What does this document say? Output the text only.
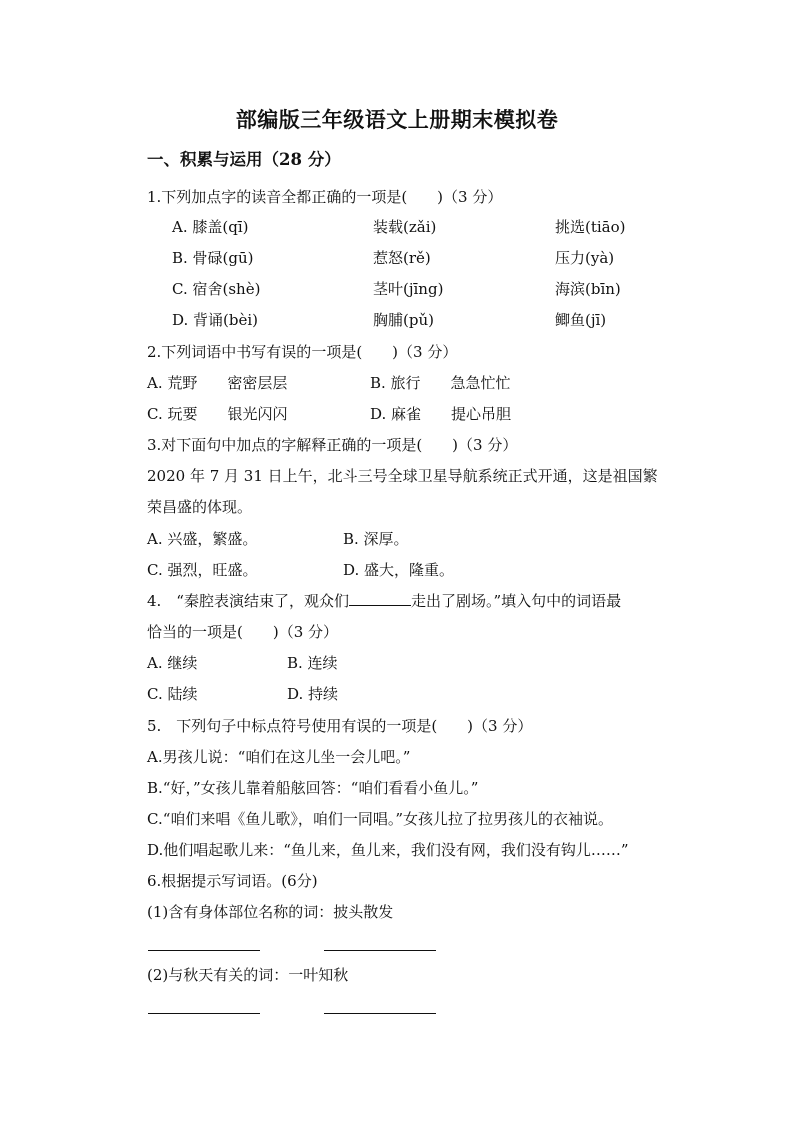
部编版三年级语文上册期末模拟卷
一、积累与运用（28 分）
1.下列加点字的读音全都正确的一项是(　　)（3 分）
A. 膝盖(qī)	装载(zǎi)	挑选(tiāo)
B. 骨碌(gū)	惹怒(rě)	压力(yà)
C. 宿舍(shè)	茎叶(jīng)	海滨(bīn)
D. 背诵(bèi)	胸脯(pǔ)	鲫鱼(jī)
2.下列词语中书写有误的一项是(　　)（3 分）
A. 荒野　　密密层层	B. 旅行　　急急忙忙
C. 玩要　　银光闪闪	D. 麻雀　　提心吊胆
3.对下面句中加点的字解释正确的一项是(　　)（3 分）
2020 年 7 月 31 日上午，北斗三号全球卫星导航系统正式开通，这是祖国繁
荣昌盛的体现。
A. 兴盛，繁盛。	B. 深厚。
C. 强烈，旺盛。	D. 盛大，隆重。
4.　“秦腔表演结束了，观众们	走出了剧场。”填入句中的词语最
恰当的一项是(　　)（3 分）
A. 继续	B. 连续
C. 陆续	D. 持续
5.　下列句子中标点符号使用有误的一项是(　　)（3 分）
A.男孩儿说：“咱们在这儿坐一会儿吧。”
B.“好，”女孩儿靠着船舷回答：“咱们看看小鱼儿。”
C.“咱们来唱《鱼儿歌》，咱们一同唱。”女孩儿拉了拉男孩儿的衣袖说。
D.他们唱起歌儿来：“鱼儿来，鱼儿来，我们没有网，我们没有钩儿……”
6.根据提示写词语。(6分)
(1)含有身体部位名称的词：披头散发
(2)与秋天有关的词：一叶知秋
